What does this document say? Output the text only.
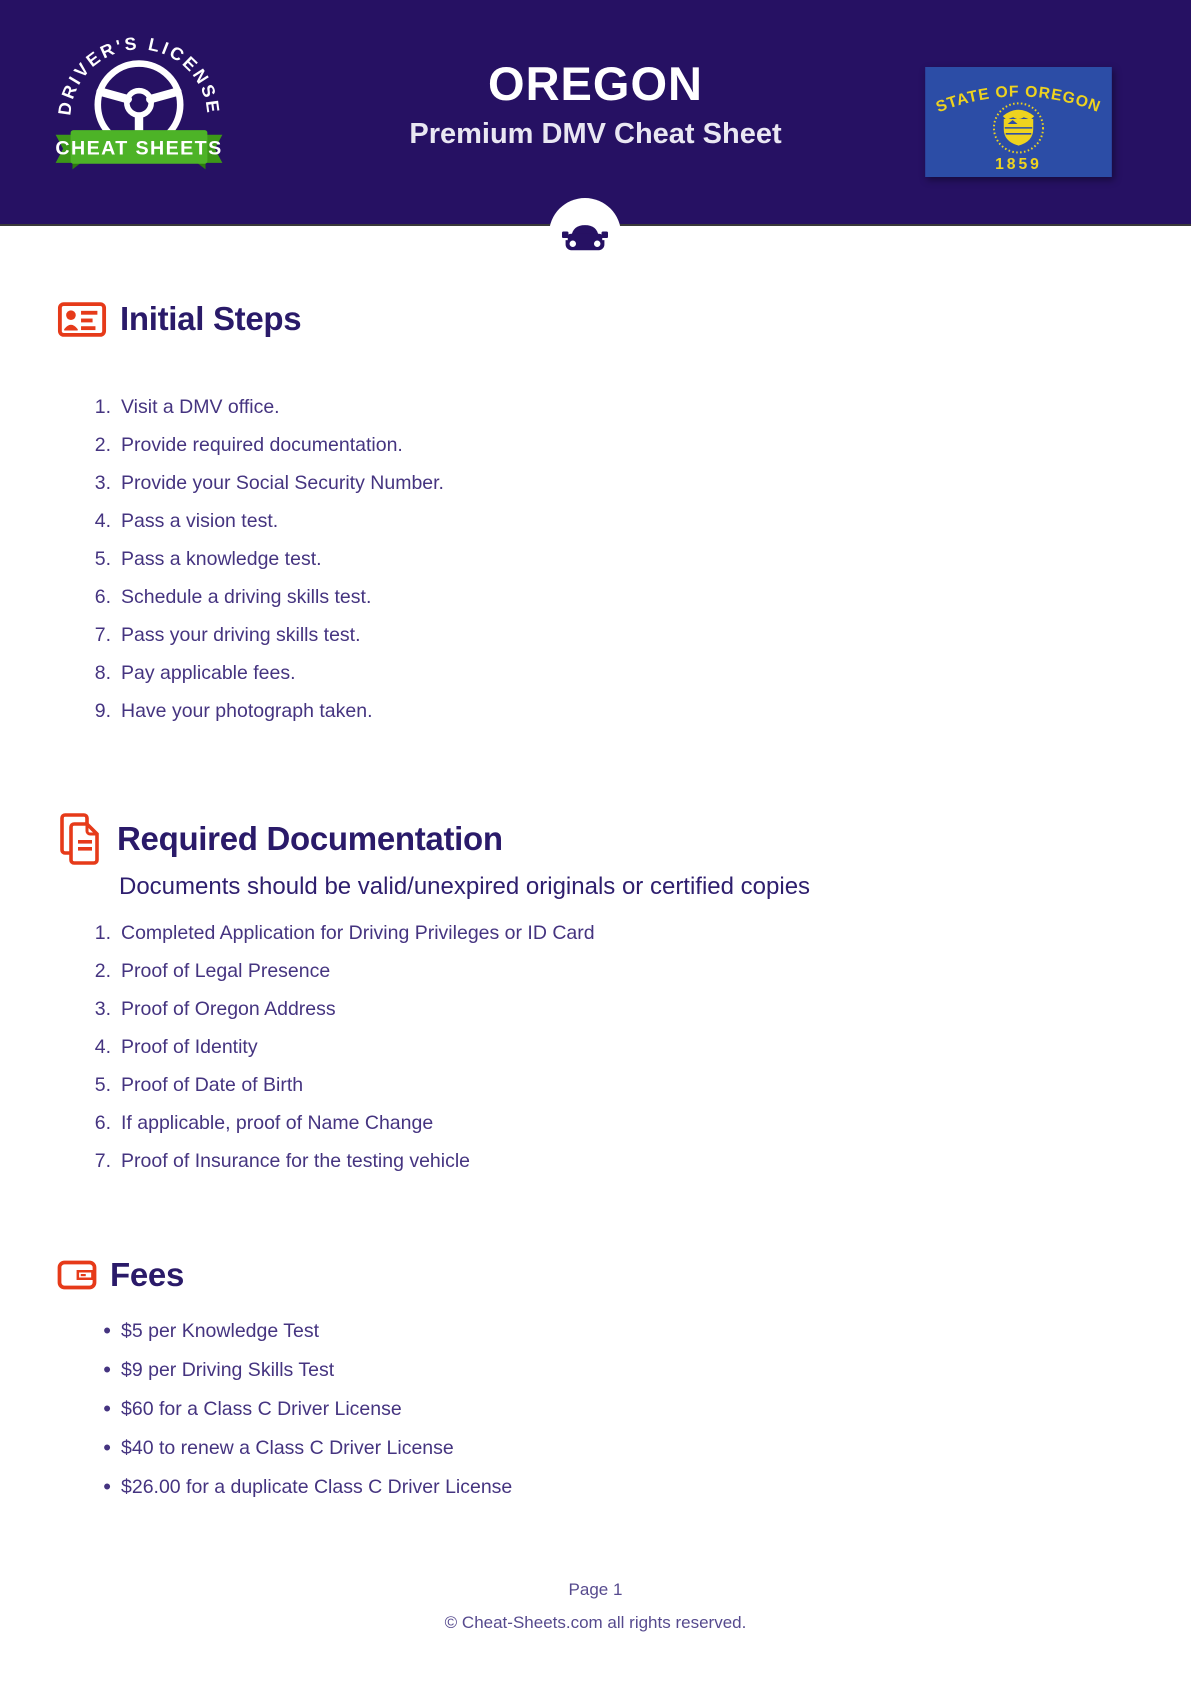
DRIVER'S LICENSE
CHEAT SHEETS
OREGON
Premium DMV Cheat Sheet
STATE OF OREGON
1859
Initial Steps
Visit a DMV office.
Provide required documentation.
Provide your Social Security Number.
Pass a vision test.
Pass a knowledge test.
Schedule a driving skills test.
Pass your driving skills test.
Pay applicable fees.
Have your photograph taken.
Required Documentation

Documents should be valid/unexpired originals or certified copies

Completed Application for Driving Privileges or ID Card
Proof of Legal Presence
Proof of Oregon Address
Proof of Identity
Proof of Date of Birth
If applicable, proof of Name Change
Proof of Insurance for the testing vehicle
Fees
•
$5 per Knowledge Test
•
$9 per Driving Skills Test
•
$60 for a Class C Driver License
•
$40 to renew a Class C Driver License
•
$26.00 for a duplicate Class C Driver License
Page 1
© Cheat-Sheets.com all rights reserved.
